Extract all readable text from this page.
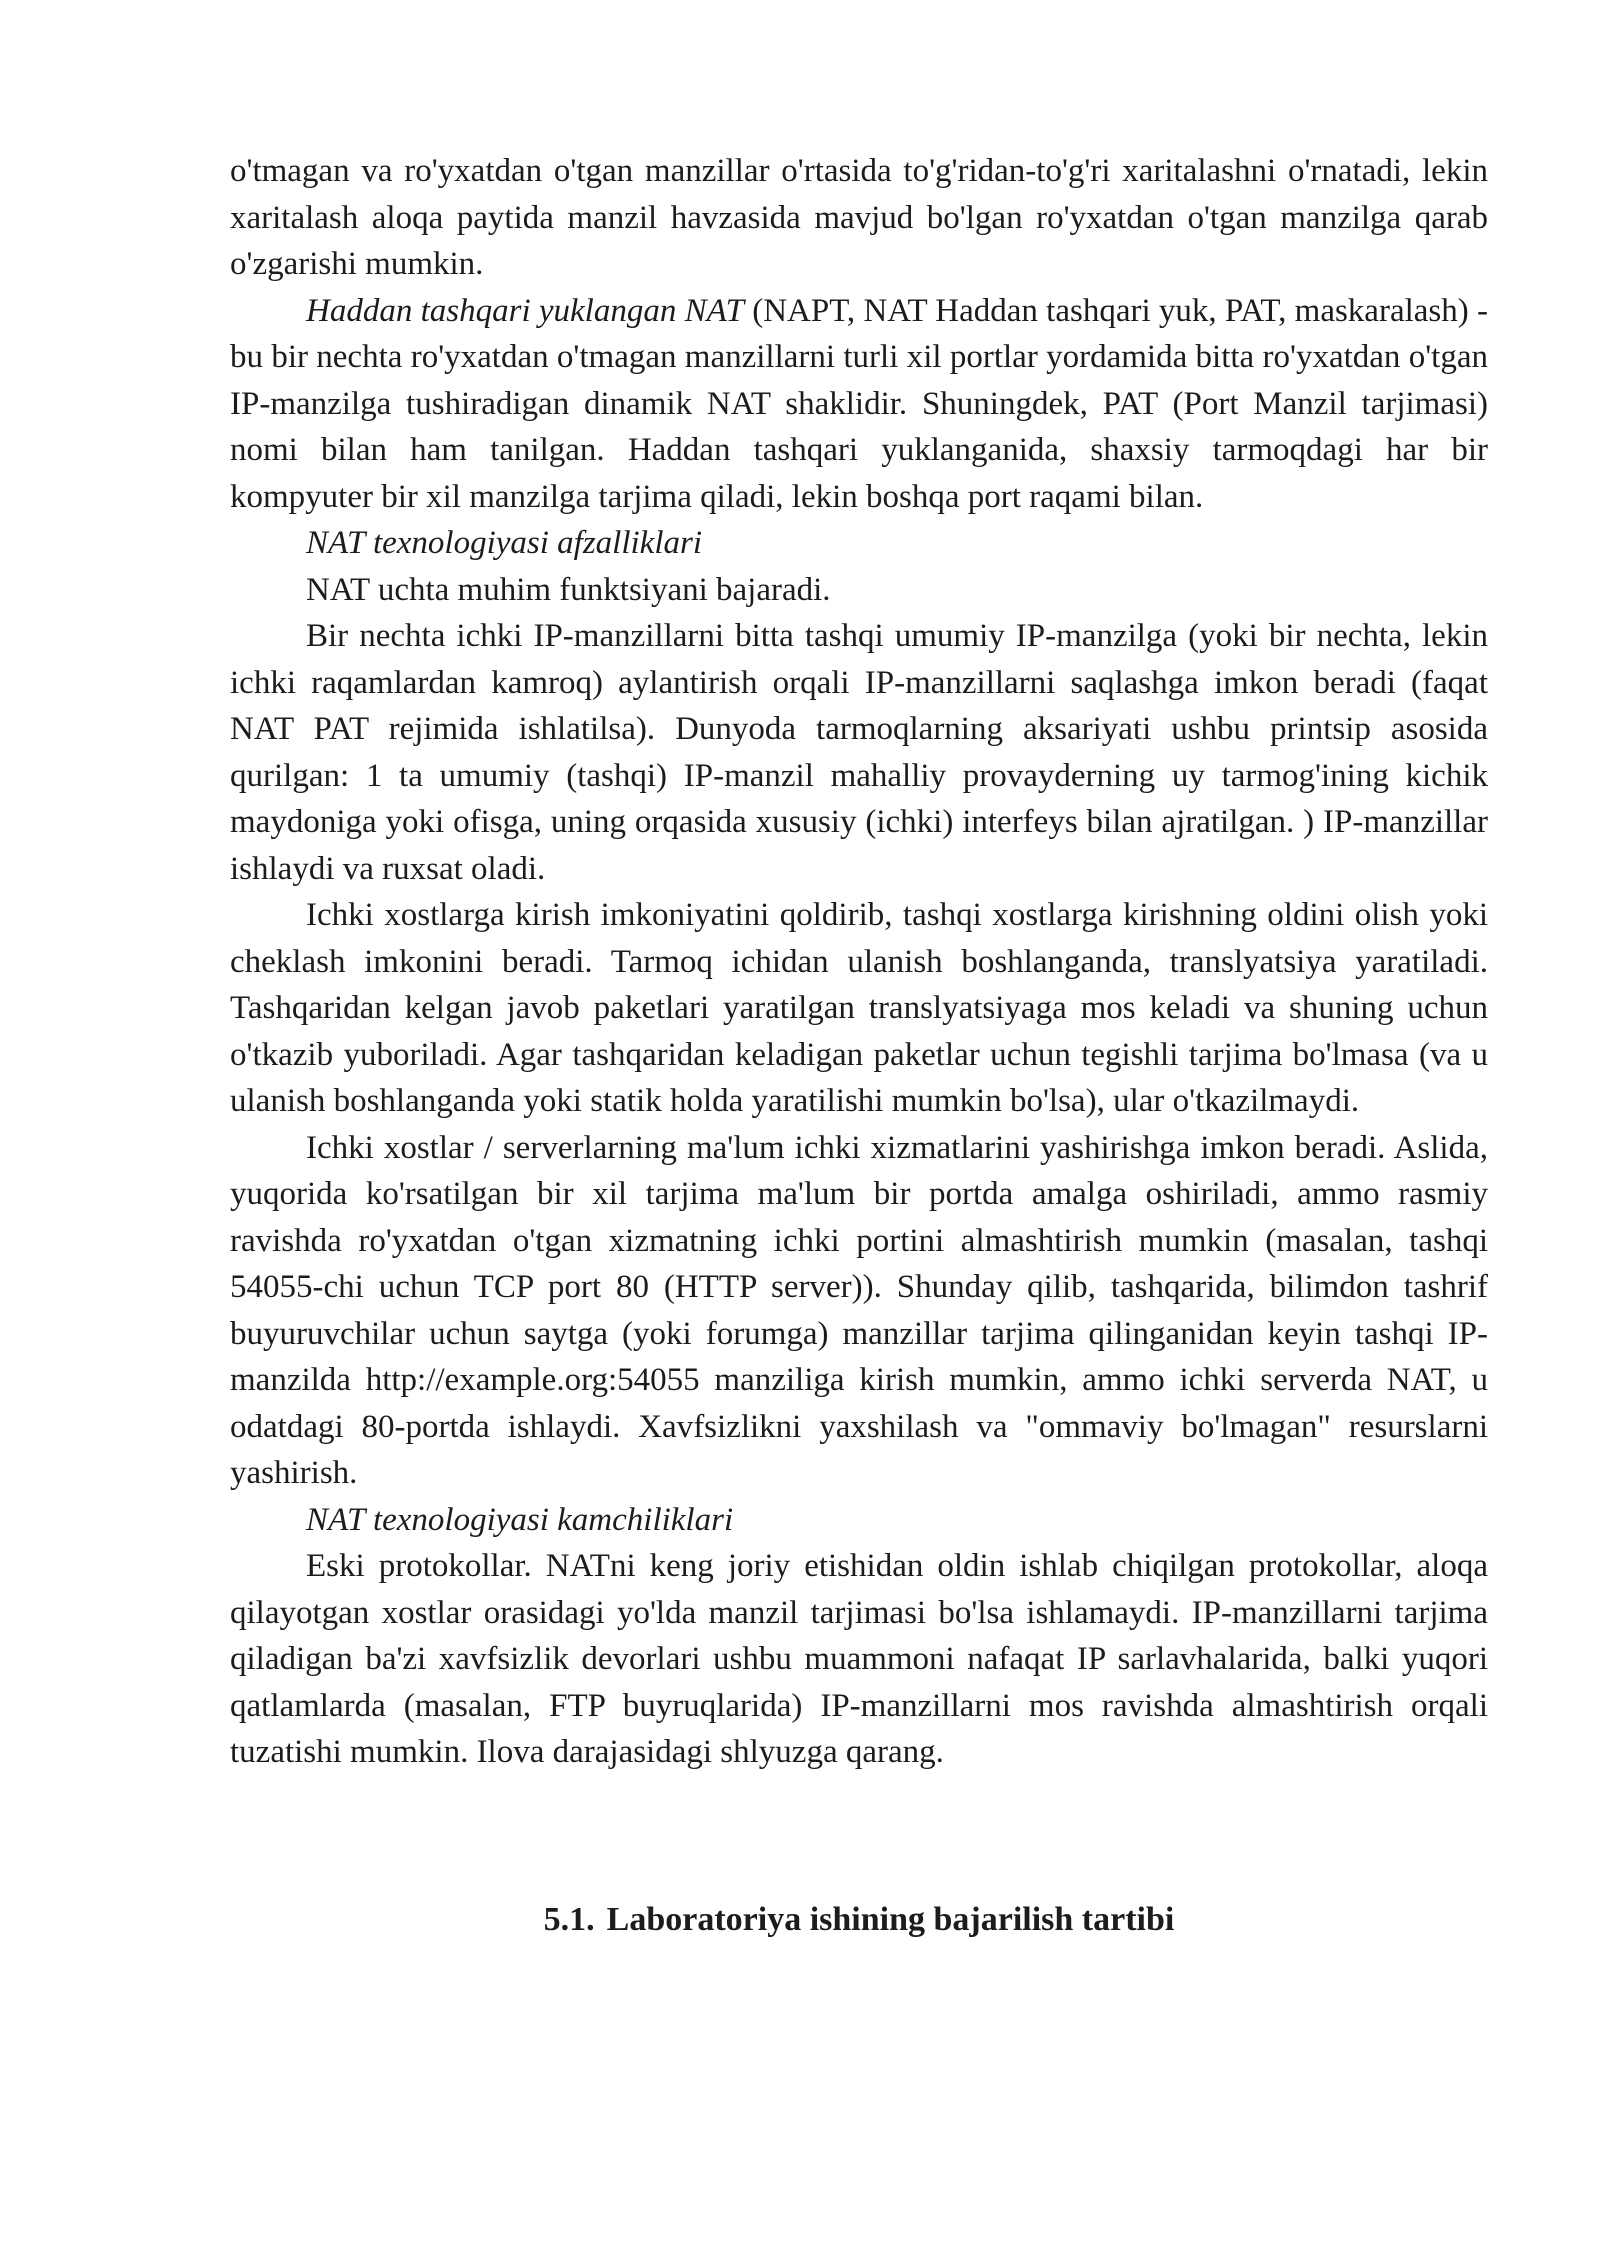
o'tmagan va ro'yxatdan o'tgan manzillar o'rtasida to'g'ridan-to'g'ri xaritalashni o'rnatadi, lekin xaritalash aloqa paytida manzil havzasida mavjud bo'lgan ro'yxatdan o'tgan manzilga qarab o'zgarishi mumkin.

Haddan tashqari yuklangan NAT (NAPT, NAT Haddan tashqari yuk, PAT, maskaralash) - bu bir nechta ro'yxatdan o'tmagan manzillarni turli xil portlar yordamida bitta ro'yxatdan o'tgan IP-manzilga tushiradigan dinamik NAT shaklidir. Shuningdek, PAT (Port Manzil tarjimasi) nomi bilan ham tanilgan. Haddan tashqari yuklanganida, shaxsiy tarmoqdagi har bir kompyuter bir xil manzilga tarjima qiladi, lekin boshqa port raqami bilan.

NAT texnologiyasi afzalliklari

NAT uchta muhim funktsiyani bajaradi.

Bir nechta ichki IP-manzillarni bitta tashqi umumiy IP-manzilga (yoki bir nechta, lekin ichki raqamlardan kamroq) aylantirish orqali IP-manzillarni saqlashga imkon beradi (faqat NAT PAT rejimida ishlatilsa). Dunyoda tarmoqlarning aksariyati ushbu printsip asosida qurilgan: 1 ta umumiy (tashqi) IP-manzil mahalliy provayderning uy tarmog'ining kichik maydoniga yoki ofisga, uning orqasida xususiy (ichki) interfeys bilan ajratilgan. ) IP-manzillar ishlaydi va ruxsat oladi.

Ichki xostlarga kirish imkoniyatini qoldirib, tashqi xostlarga kirishning oldini olish yoki cheklash imkonini beradi. Tarmoq ichidan ulanish boshlanganda, translyatsiya yaratiladi. Tashqaridan kelgan javob paketlari yaratilgan translyatsiyaga mos keladi va shuning uchun o'tkazib yuboriladi. Agar tashqaridan keladigan paketlar uchun tegishli tarjima bo'lmasa (va u ulanish boshlanganda yoki statik holda yaratilishi mumkin bo'lsa), ular o'tkazilmaydi.

Ichki xostlar / serverlarning ma'lum ichki xizmatlarini yashirishga imkon beradi. Aslida, yuqorida ko'rsatilgan bir xil tarjima ma'lum bir portda amalga oshiriladi, ammo rasmiy ravishda ro'yxatdan o'tgan xizmatning ichki portini almashtirish mumkin (masalan, tashqi 54055-chi uchun TCP port 80 (HTTP server)). Shunday qilib, tashqarida, bilimdon tashrif buyuruvchilar uchun saytga (yoki forumga) manzillar tarjima qilinganidan keyin tashqi IP-manzilda http://example.org:54055 manziliga kirish mumkin, ammo ichki serverda NAT, u odatdagi 80-portda ishlaydi. Xavfsizlikni yaxshilash va "ommaviy bo'lmagan" resurslarni yashirish.

NAT texnologiyasi kamchiliklari

Eski protokollar. NATni keng joriy etishidan oldin ishlab chiqilgan protokollar, aloqa qilayotgan xostlar orasidagi yo'lda manzil tarjimasi bo'lsa ishlamaydi. IP-manzillarni tarjima qiladigan ba'zi xavfsizlik devorlari ushbu muammoni nafaqat IP sarlavhalarida, balki yuqori qatlamlarda (masalan, FTP buyruqlarida) IP-manzillarni mos ravishda almashtirish orqali tuzatishi mumkin. Ilova darajasidagi shlyuzga qarang.

5.1. Laboratoriya ishining bajarilish tartibi
